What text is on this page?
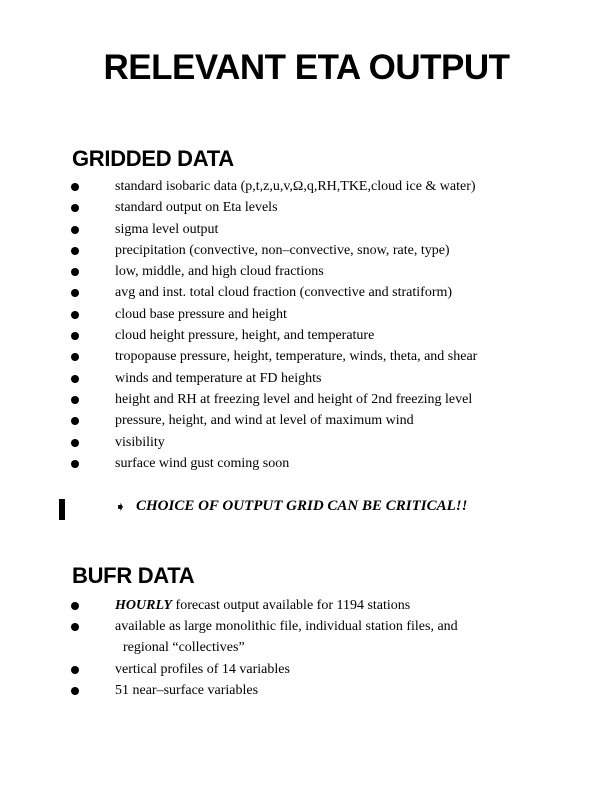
RELEVANT ETA OUTPUT
GRIDDED DATA
standard isobaric data (p,t,z,u,v,Ω,q,RH,TKE,cloud ice & water)
standard output on Eta levels
sigma level output
precipitation (convective, non–convective, snow, rate, type)
low, middle, and high cloud fractions
avg and inst. total cloud fraction (convective and stratiform)
cloud base pressure and height
cloud height pressure, height, and temperature
tropopause pressure, height, temperature, winds, theta, and shear
winds and temperature at FD heights
height and RH at freezing level and height of 2nd freezing level
pressure, height, and wind at level of maximum wind
visibility
surface wind gust coming soon
➧ CHOICE OF OUTPUT GRID CAN BE CRITICAL!!
BUFR DATA
HOURLY forecast output available for 1194 stations
available as large monolithic file, individual station files, and
regional “collectives”
vertical profiles of 14 variables
51 near–surface variables
